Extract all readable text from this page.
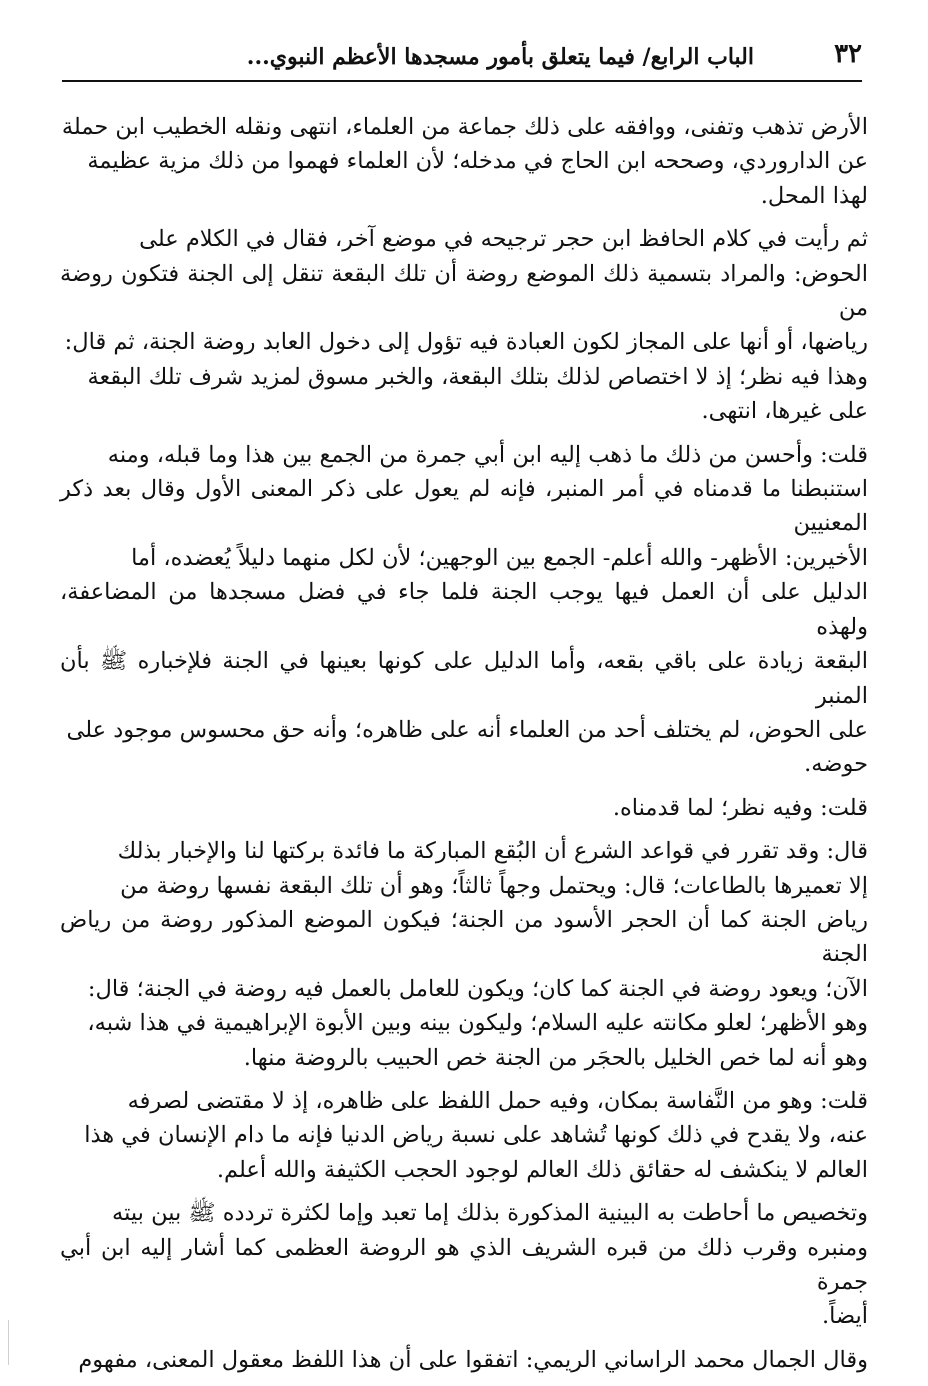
٣٢
الباب الرابع/ فيما يتعلق بأمور مسجدها الأعظم النبوي...

الأرض تذهب وتفنى، ووافقه على ذلك جماعة من العلماء، انتهى ونقله الخطيب ابن حملة
عن الداروردي، وصححه ابن الحاج في مدخله؛ لأن العلماء فهموا من ذلك مزية عظيمة
لهذا المحل.

ثم رأيت في كلام الحافظ ابن حجر ترجيحه في موضع آخر، فقال في الكلام على
الحوض: والمراد بتسمية ذلك الموضع روضة أن تلك البقعة تنقل إلى الجنة فتكون روضة من
رياضها، أو أنها على المجاز لكون العبادة فيه تؤول إلى دخول العابد روضة الجنة، ثم قال:
وهذا فيه نظر؛ إذ لا اختصاص لذلك بتلك البقعة، والخبر مسوق لمزيد شرف تلك البقعة
على غيرها، انتهى.

قلت: وأحسن من ذلك ما ذهب إليه ابن أبي جمرة من الجمع بين هذا وما قبله، ومنه
استنبطنا ما قدمناه في أمر المنبر، فإنه لم يعول على ذكر المعنى الأول وقال بعد ذكر المعنيين
الأخيرين: الأظهر- والله أعلم- الجمع بين الوجهين؛ لأن لكل منهما دليلاً يُعضده، أما
الدليل على أن العمل فيها يوجب الجنة فلما جاء في فضل مسجدها من المضاعفة، ولهذه
البقعة زيادة على باقي بقعه، وأما الدليل على كونها بعينها في الجنة فلإخباره ﷺ بأن المنبر
على الحوض، لم يختلف أحد من العلماء أنه على ظاهره؛ وأنه حق محسوس موجود على
حوضه.

قلت: وفيه نظر؛ لما قدمناه.

قال: وقد تقرر في قواعد الشرع أن البُقع المباركة ما فائدة بركتها لنا والإخبار بذلك
إلا تعميرها بالطاعات؛ قال: ويحتمل وجهاً ثالثاً؛ وهو أن تلك البقعة نفسها روضة من
رياض الجنة كما أن الحجر الأسود من الجنة؛ فيكون الموضع المذكور روضة من رياض الجنة
الآن؛ ويعود روضة في الجنة كما كان؛ ويكون للعامل بالعمل فيه روضة في الجنة؛ قال:
وهو الأظهر؛ لعلو مكانته عليه السلام؛ وليكون بينه وبين الأبوة الإبراهيمية في هذا شبه،
وهو أنه لما خص الخليل بالحجَر من الجنة خص الحبيب بالروضة منها.

قلت: وهو من النَّفاسة بمكان، وفيه حمل اللفظ على ظاهره، إذ لا مقتضى لصرفه
عنه، ولا يقدح في ذلك كونها تُشاهد على نسبة رياض الدنيا فإنه ما دام الإنسان في هذا
العالم لا ينكشف له حقائق ذلك العالم لوجود الحجب الكثيفة والله أعلم.

وتخصيص ما أحاطت به البينية المذكورة بذلك إما تعبد وإما لكثرة تردده ﷺ بين بيته
ومنبره وقرب ذلك من قبره الشريف الذي هو الروضة العظمى كما أشار إليه ابن أبي جمرة
أيضاً.

وقال الجمال محمد الراساني الريمي: اتفقوا على أن هذا اللفظ معقول المعنى، مفهوم
